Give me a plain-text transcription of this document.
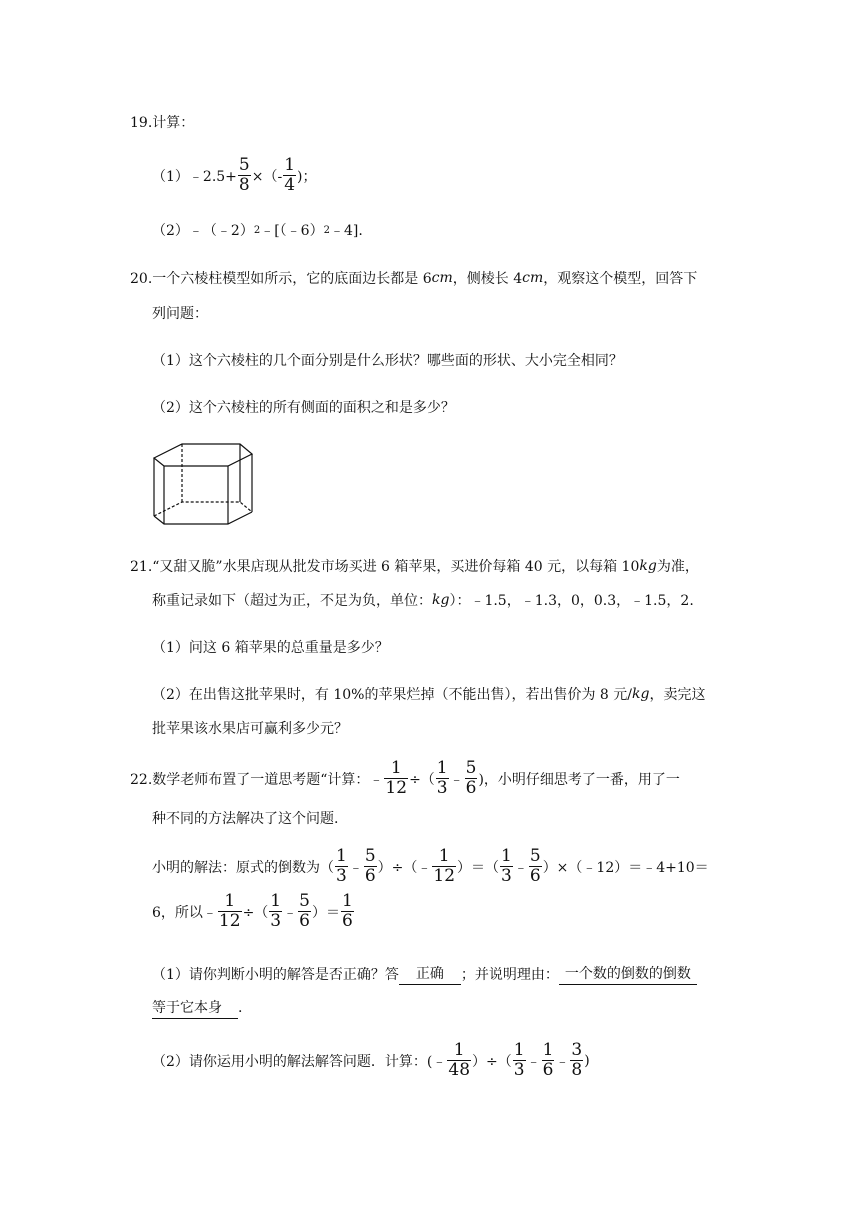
19.计算：
（1） ﹣2.5+ $\frac{5}{8}$ ×（- $\frac{1}{4}$ )；
（2）﹣（﹣2） 2 ﹣[（﹣6） 2 ﹣4].
20.一个六棱柱模型如所示，它的底面边长都是 6 cm ，侧棱长 4 cm ，观察这个模型，回答下
列问题：
（1）这个六棱柱的几个面分别是什么形状？哪些面的形状、大小完全相同？
（2）这个六棱柱的所有侧面的面积之和是多少？
21.“又甜又脆”水果店现从批发市场买进 6 箱苹果，买进价每箱 40 元，以每箱 10 kg 为准，
称重记录如下（超过为正，不足为负，单位： kg ）：﹣1.5，﹣1.3，0，0.3，﹣1.5，2.
（1）问这 6 箱苹果的总重量是多少？
（2）在出售这批苹果时，有 10%的苹果烂掉（不能出售），若出售价为 8 元/ kg ，卖完这
批苹果该水果店可赢利多少元？
22.数学老师布置了一道思考题“计算：﹣ $\frac{1}{12}$ ÷（ $\frac{1}{3}$ ﹣ $\frac{5}{6}$ )，小明仔细思考了一番，用了一
种不同的方法解决了这个问题.
小明的解法：原式的倒数为（ $\frac{1}{3}$ ﹣ $\frac{5}{6}$ ）÷（﹣ $\frac{1}{12}$ ）＝（ $\frac{1}{3}$ ﹣ $\frac{5}{6}$ ）×（﹣12）＝﹣4+10＝
6，所以﹣ $\frac{1}{12}$ ÷（ $\frac{1}{3}$ ﹣ $\frac{5}{6}$ ）＝ $\frac{1}{6}$
（1）请你判断小明的解答是否正确？答	正确	；并说明理由： 一个数的倒数的倒数
等于它本身	.
（2）请你运用小明的解法解答问题．计算：(﹣ $\frac{1}{48}$ ）÷（ $\frac{1}{3}$ ﹣ $\frac{1}{6}$ ﹣ $\frac{3}{8}$ )
